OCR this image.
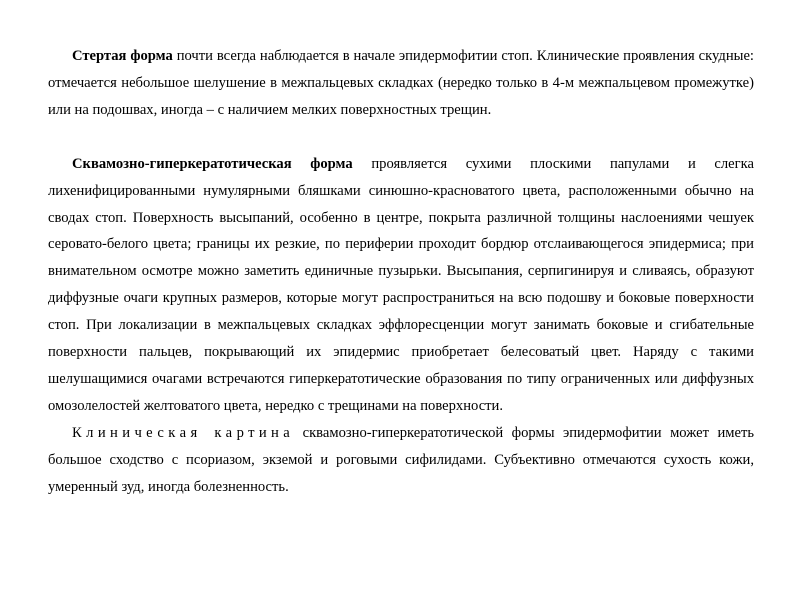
Стертая форма почти всегда наблюдается в начале эпидермофитии стоп. Клинические проявления скудные: отмечается небольшое шелушение в межпальцевых складках (нередко только в 4-м межпальцевом промежутке) или на подошвах, иногда – с наличием мелких поверхностных трещин.

Сквамозно-гиперкератотическая форма проявляется сухими плоскими папулами и слегка лихенифицированными нумулярными бляшками синюшно-красноватого цвета, расположенными обычно на сводах стоп. Поверхность высыпаний, особенно в центре, покрыта различной толщины наслоениями чешуек серовато-белого цвета; границы их резкие, по периферии проходит бордюр отслаивающегося эпидермиса; при внимательном осмотре можно заметить единичные пузырьки. Высыпания, серпигинируя и сливаясь, образуют диффузные очаги крупных размеров, которые могут распространиться на всю подошву и боковые поверхности стоп. При локализации в межпальцевых складках эффлоресценции могут занимать боковые и сгибательные поверхности пальцев, покрывающий их эпидермис приобретает белесоватый цвет. Наряду с такими шелушащимися очагами встречаются гиперкератотические образования по типу ограниченных или диффузных омозолелостей желтоватого цвета, нередко с трещинами на поверхности.

Клиническая картина сквамозно-гиперкератотической формы эпидермофитии может иметь большое сходство с псориазом, экземой и роговыми сифилидами. Субъективно отмечаются сухость кожи, умеренный зуд, иногда болезненность.
